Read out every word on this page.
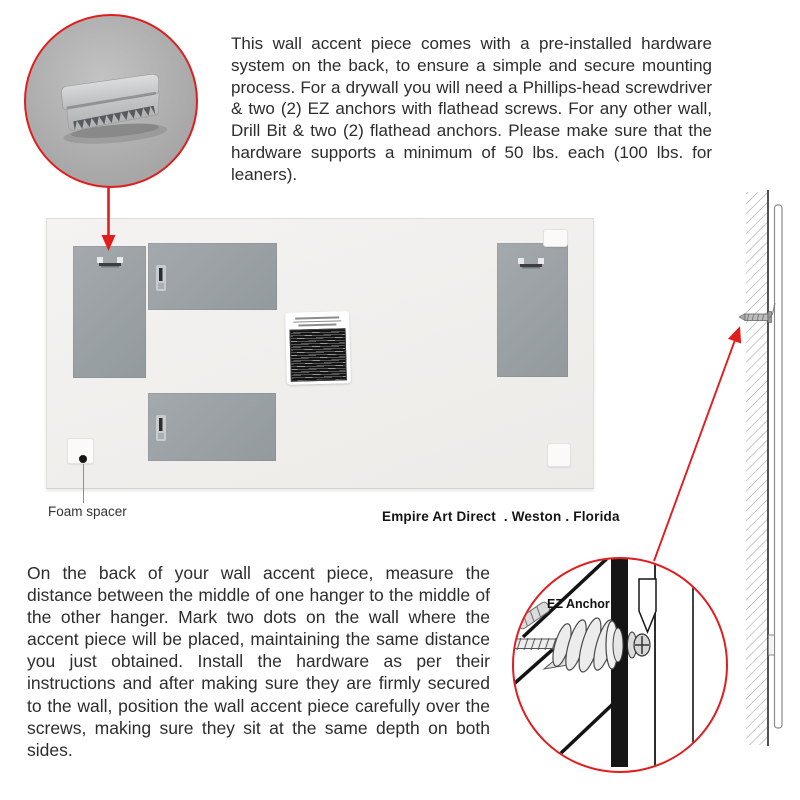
This wall accent piece comes with a pre-installed hardware system on the back, to ensure a simple and secure mounting process. For a drywall you will need a Phillips-head screwdriver & two (2) EZ anchors with flathead screws. For any other wall, Drill Bit & two (2) flathead anchors. Please make sure that the hardware supports a minimum of 50 lbs. each (100 lbs. for leaners).
Foam spacer	Empire Art Direct  . Weston . Florida
On the back of your wall accent piece, measure the distance between the middle of one hanger to the middle of the other hanger. Mark two dots on the wall where the accent piece will be placed, maintaining the same distance you just obtained. Install the hardware as per their instructions and after making sure they are firmly secured to the wall, position the wall accent piece carefully over the screws, making sure they sit at the same depth on both sides.
EZ Anchor
